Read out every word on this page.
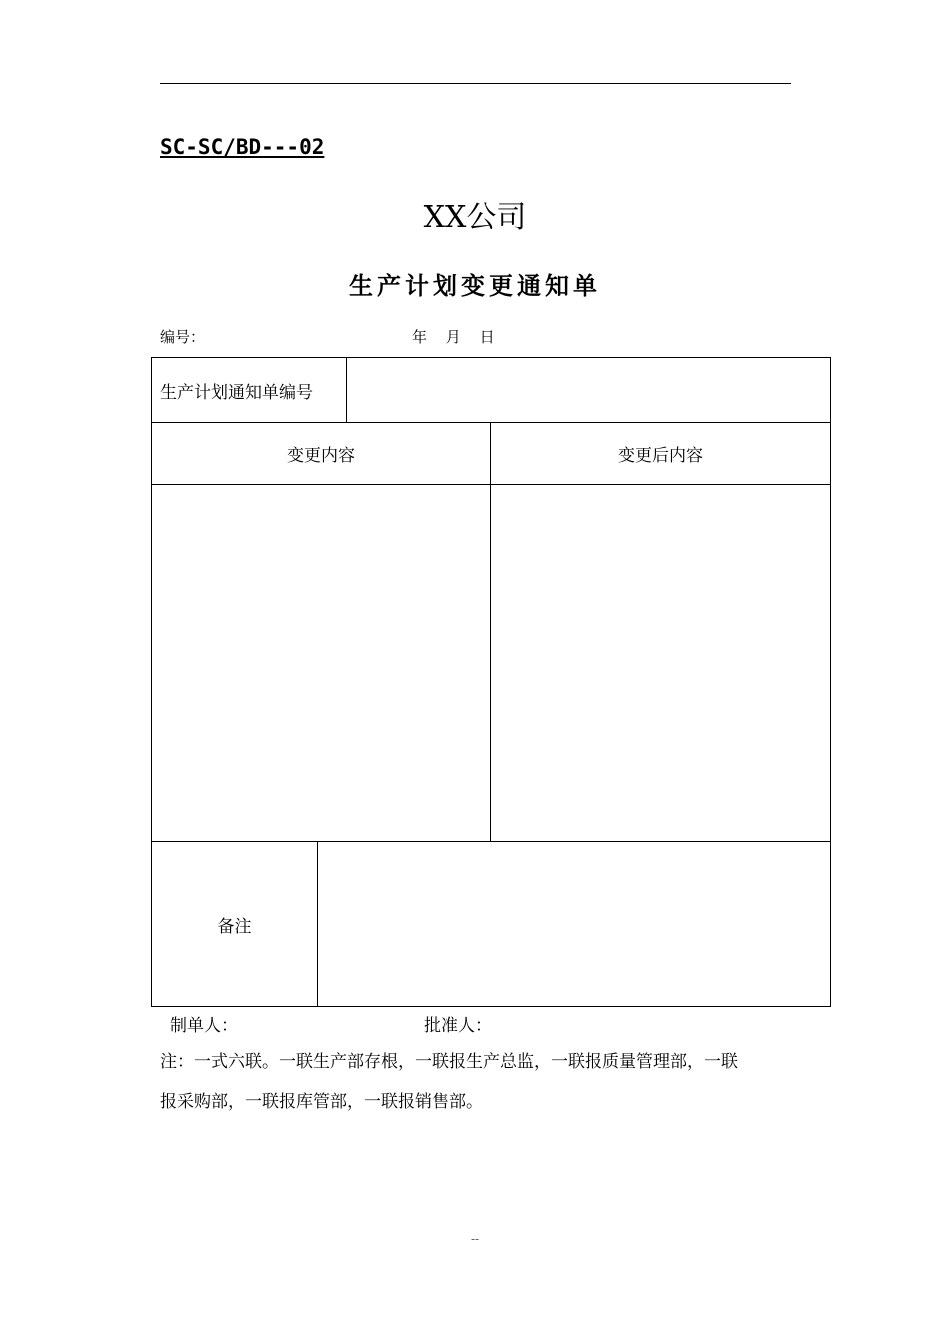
SC-SC/BD---02
XX公司
生产计划变更通知单
编号：	年 月 日
生产计划通知单编号
变更内容	变更后内容
备注
制单人：	批准人：
注：一式六联。一联生产部存根，一联报生产总监，一联报质量管理部，一联
报采购部，一联报库管部，一联报销售部。
--
